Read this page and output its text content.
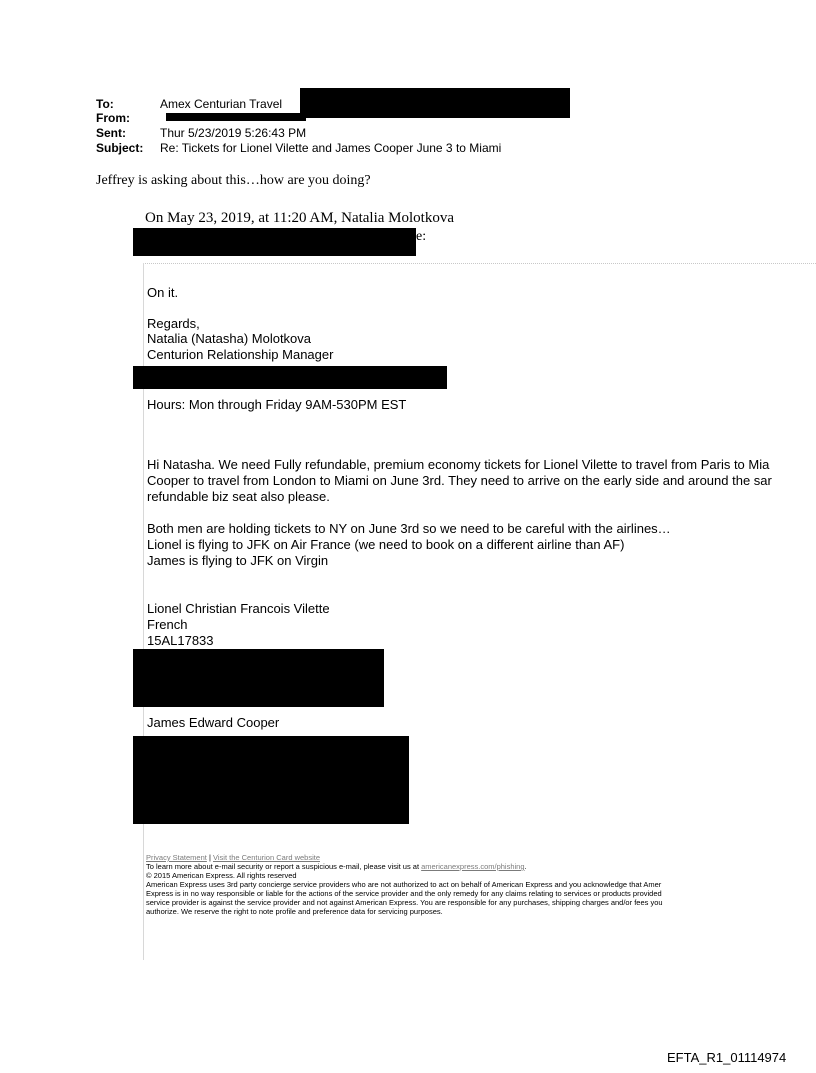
To:	Amex Centurian Travel
From:
Sent:	Thur 5/23/2019 5:26:43 PM
Subject: Re: Tickets for Lionel Vilette and James Cooper June 3 to Miami
Jeffrey is asking about this…how are you doing?
On May 23, 2019, at 11:20 AM, Natalia Molotkova
e:
On it.
Regards,
Natalia (Natasha) Molotkova
Centurion Relationship Manager
Hours: Mon through Friday 9AM-530PM EST
Hi Natasha. We need Fully refundable, premium economy tickets for Lionel Vilette to travel from Paris to Mia
Cooper to travel from London to Miami on June 3rd. They need to arrive on the early side and around the sar
refundable biz seat also please.
Both men are holding tickets to NY on June 3rd so we need to be careful with the airlines…
Lionel is flying to JFK on Air France (we need to book on a different airline than AF)
James is flying to JFK on Virgin
Lionel Christian Francois Vilette
French
15AL17833
James Edward Cooper
Privacy Statement | Visit the Centurion Card website
To learn more about e-mail security or report a suspicious e-mail, please visit us at americanexpress.com/phishing.
© 2015 American Express. All rights reserved
American Express uses 3rd party concierge service providers who are not authorized to act on behalf of American Express and you acknowledge that Amer
Express is in no way responsible or liable for the actions of the service provider and the only remedy for any claims relating to services or products provided
service provider is against the service provider and not against American Express. You are responsible for any purchases, shipping charges and/or fees you
authorize. We reserve the right to note profile and preference data for servicing purposes.
EFTA_R1_01114974
